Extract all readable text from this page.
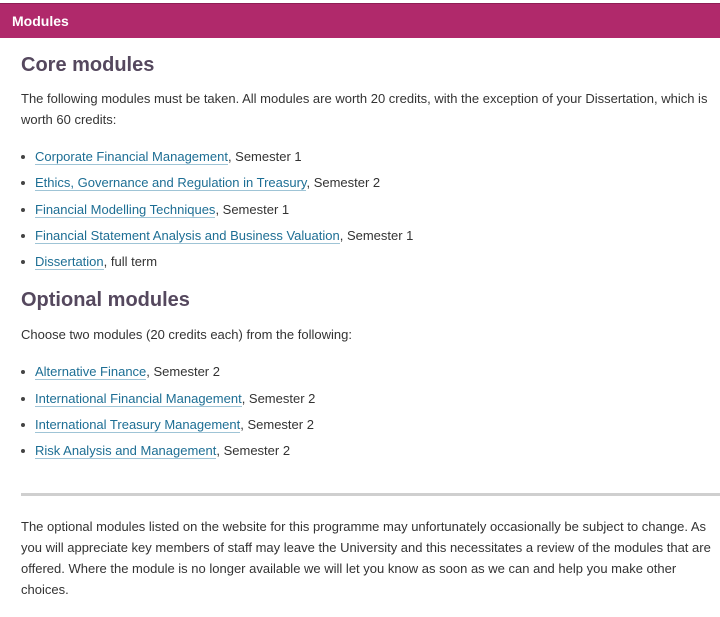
Modules
Core modules

The following modules must be taken. All modules are worth 20 credits, with the exception of your Dissertation, which is worth 60 credits:

Corporate Financial Management, Semester 1
Ethics, Governance and Regulation in Treasury, Semester 2
Financial Modelling Techniques, Semester 1
Financial Statement Analysis and Business Valuation, Semester 1
Dissertation, full term
Optional modules

Choose two modules (20 credits each) from the following:

Alternative Finance, Semester 2
International Financial Management, Semester 2
International Treasury Management, Semester 2
Risk Analysis and Management, Semester 2

The optional modules listed on the website for this programme may unfortunately occasionally be subject to change. As you will appreciate key members of staff may leave the University and this necessitates a review of the modules that are offered. Where the module is no longer available we will let you know as soon as we can and help you make other choices.
